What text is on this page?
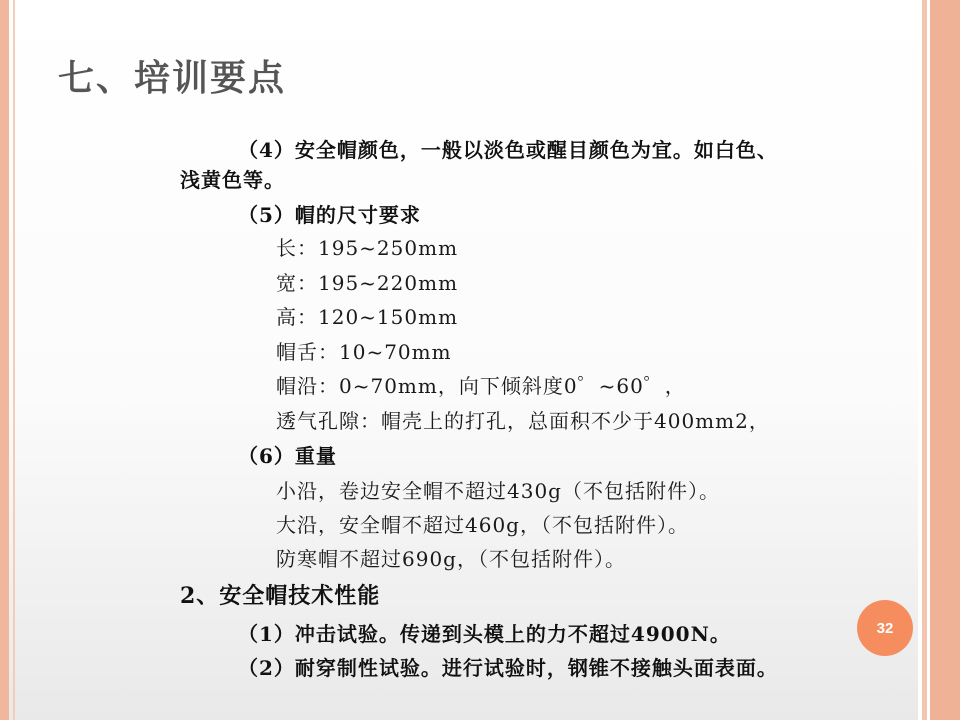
七、培训要点
（4）安全帽颜色，一般以淡色或醒目颜色为宜。如白色、
浅黄色等。
（5）帽的尺寸要求
长：195~250mm
宽：195~220mm
高：120~150mm
帽舌：10~70mm
帽沿：0~70mm，向下倾斜度0゜~60゜，
透气孔隙：帽壳上的打孔，总面积不少于400mm2，
（6）重量
小沿，卷边安全帽不超过430g（不包括附件）。
大沿，安全帽不超过460g，（不包括附件）。
防寒帽不超过690g，（不包括附件）。
2、安全帽技术性能
（1）冲击试验。传递到头模上的力不超过4900N。
（2）耐穿制性试验。进行试验时，钢锥不接触头面表面。
32
